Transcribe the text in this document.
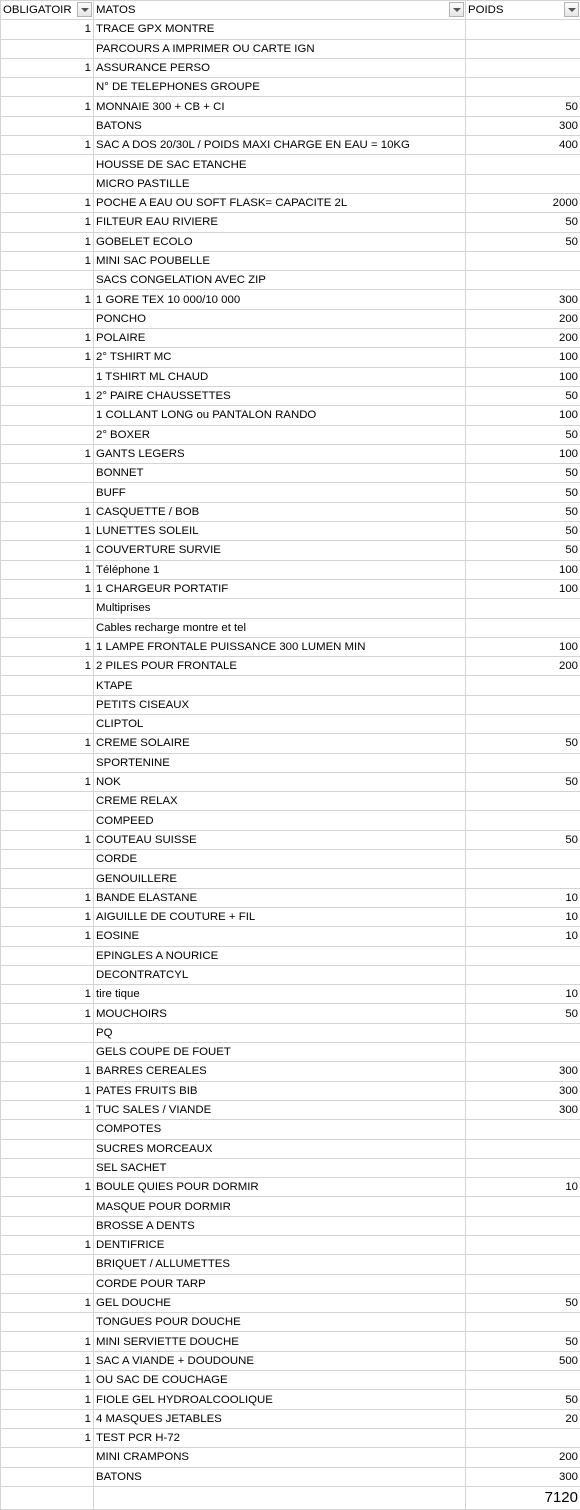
OBLIGATOIR	MATOS	POIDS

1	TRACE GPX MONTRE	
	PARCOURS A IMPRIMER OU CARTE IGN	
1	ASSURANCE PERSO	
	N° DE TELEPHONES GROUPE	
1	MONNAIE 300 + CB + CI	50
	BATONS	300
1	SAC A DOS 20/30L / POIDS MAXI CHARGE EN EAU = 10KG	400
	HOUSSE DE SAC ETANCHE	
	MICRO PASTILLE	
1	POCHE A EAU OU SOFT FLASK= CAPACITE 2L	2000
1	FILTEUR EAU RIVIERE	50
1	GOBELET ECOLO	50
1	MINI SAC POUBELLE	
	SACS CONGELATION AVEC ZIP	
1	1 GORE TEX 10 000/10 000	300
	PONCHO	200
1	POLAIRE	200
1	2° TSHIRT MC	100
	1 TSHIRT ML CHAUD	100
1	2° PAIRE CHAUSSETTES	50
	1 COLLANT LONG ou PANTALON RANDO	100
	2° BOXER	50
1	GANTS LEGERS	100
	BONNET	50
	BUFF	50
1	CASQUETTE / BOB	50
1	LUNETTES SOLEIL	50
1	COUVERTURE SURVIE	50
1	Téléphone 1	100
1	1 CHARGEUR PORTATIF	100
	Multiprises	
	Cables recharge montre et tel	
1	1 LAMPE FRONTALE PUISSANCE 300 LUMEN MIN	100
1	2 PILES POUR FRONTALE	200
	KTAPE	
	PETITS CISEAUX	
	CLIPTOL	
1	CREME SOLAIRE	50
	SPORTENINE	
1	NOK	50
	CREME RELAX	
	COMPEED	
1	COUTEAU SUISSE	50
	CORDE	
	GENOUILLERE	
1	BANDE ELASTANE	10
1	AIGUILLE DE COUTURE + FIL	10
1	EOSINE	10
	EPINGLES A NOURICE	
	DECONTRATCYL	
1	tire tique	10
1	MOUCHOIRS	50
	PQ	
	GELS COUPE DE FOUET	
1	BARRES CEREALES	300
1	PATES FRUITS BIB	300
1	TUC SALES / VIANDE	300
	COMPOTES	
	SUCRES MORCEAUX	
	SEL SACHET	
1	BOULE QUIES POUR DORMIR	10
	MASQUE POUR DORMIR	
	BROSSE A DENTS	
1	DENTIFRICE	
	BRIQUET / ALLUMETTES	
	CORDE POUR TARP	
1	GEL DOUCHE	50
	TONGUES POUR DOUCHE	
1	MINI SERVIETTE DOUCHE	50
1	SAC A VIANDE + DOUDOUNE	500
1	OU SAC DE COUCHAGE	
1	FIOLE GEL HYDROALCOOLIQUE	50
1	4 MASQUES JETABLES	20
1	TEST PCR H-72	
	MINI CRAMPONS	200
	BATONS	300
		7120
